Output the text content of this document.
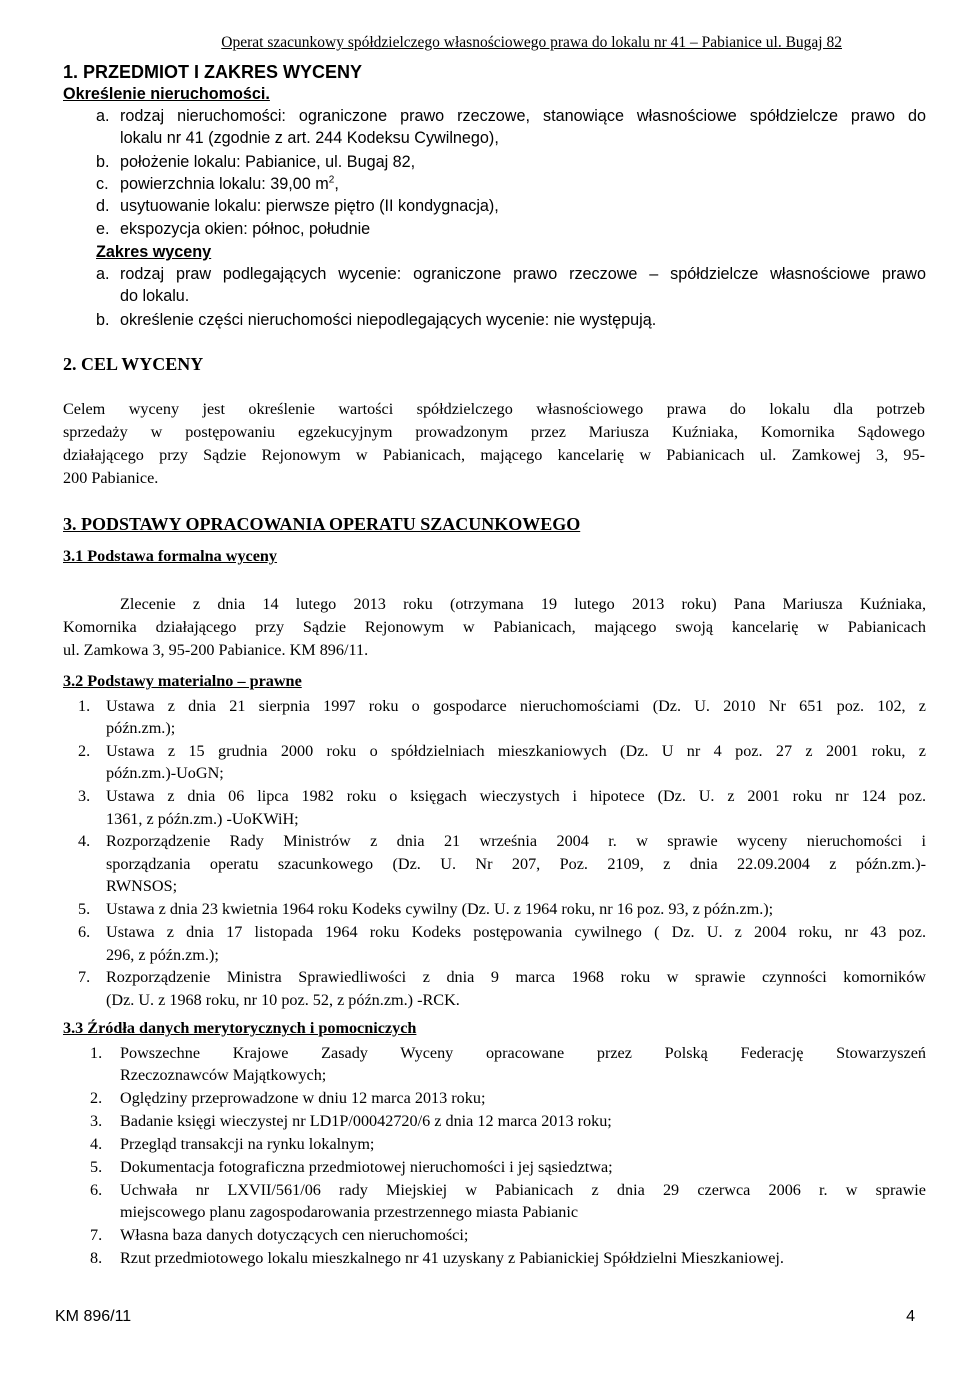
Operat szacunkowy spółdzielczego własnościowego prawa do lokalu nr 41 – Pabianice ul. Bugaj 82
1. PRZEDMIOT I ZAKRES WYCENY
Określenie nieruchomości.
a. rodzaj nieruchomości: ograniczone prawo rzeczowe, stanowiące własnościowe spółdzielcze prawo do
lokalu nr 41 (zgodnie z art. 244 Kodeksu Cywilnego),
b. położenie lokalu: Pabianice, ul. Bugaj 82,
c. powierzchnia lokalu: 39,00 $m^2$,
d. usytuowanie lokalu: pierwsze piętro (II kondygnacja),
e. ekspozycja okien: północ, południe
Zakres wyceny
a. rodzaj praw podlegających wycenie: ograniczone prawo rzeczowe – spółdzielcze własnościowe prawo
do lokalu.
b. określenie części nieruchomości niepodlegających wycenie: nie występują.
2. CEL WYCENY
Celem wyceny jest określenie wartości spółdzielczego własnościowego prawa do lokalu dla potrzeb
sprzedaży w postępowaniu egzekucyjnym prowadzonym przez Mariusza Kuźniaka, Komornika Sądowego
działającego przy Sądzie Rejonowym w Pabianicach, mającego kancelarię w Pabianicach ul. Zamkowej 3, 95-
200 Pabianice.
3. PODSTAWY OPRACOWANIA OPERATU SZACUNKOWEGO
3.1 Podstawa formalna wyceny
Zlecenie z dnia 14 lutego 2013 roku (otrzymana 19 lutego 2013 roku) Pana Mariusza Kuźniaka,
Komornika działającego przy Sądzie Rejonowym w Pabianicach, mającego swoją kancelarię w Pabianicach
ul. Zamkowa 3, 95-200 Pabianice. KM 896/11.
3.2 Podstawy materialno – prawne
1. Ustawa z dnia 21 sierpnia 1997 roku o gospodarce nieruchomościami (Dz. U. 2010 Nr 651 poz. 102, z
późn.zm.);
2. Ustawa z 15 grudnia 2000 roku o spółdzielniach mieszkaniowych (Dz. U nr 4 poz. 27 z 2001 roku, z
późn.zm.)-UoGN;
3. Ustawa z dnia 06 lipca 1982 roku o księgach wieczystych i hipotece (Dz. U. z 2001 roku nr 124 poz.
1361, z późn.zm.) -UoKWiH;
4. Rozporządzenie Rady Ministrów z dnia 21 września 2004 r. w sprawie wyceny nieruchomości i
sporządzania operatu szacunkowego (Dz. U. Nr 207, Poz. 2109, z dnia 22.09.2004 z późn.zm.)-
RWNSOS;
5. Ustawa z dnia 23 kwietnia 1964 roku Kodeks cywilny (Dz. U. z 1964 roku, nr 16 poz. 93, z późn.zm.);
6. Ustawa z dnia 17 listopada 1964 roku Kodeks postępowania cywilnego ( Dz. U. z 2004 roku, nr 43 poz.
296, z późn.zm.);
7. Rozporządzenie Ministra Sprawiedliwości z dnia 9 marca 1968 roku w sprawie czynności komorników
(Dz. U. z 1968 roku, nr 10 poz. 52, z późn.zm.) -RCK.
3.3 Źródła danych merytorycznych i pomocniczych
1. Powszechne Krajowe Zasady Wyceny opracowane przez Polską Federację Stowarzyszeń
Rzeczoznawców Majątkowych;
2. Oględziny przeprowadzone w dniu 12 marca 2013 roku;
3. Badanie księgi wieczystej nr LD1P/00042720/6 z dnia 12 marca 2013 roku;
4. Przegląd transakcji na rynku lokalnym;
5. Dokumentacja fotograficzna przedmiotowej nieruchomości i jej sąsiedztwa;
6. Uchwała nr LXVII/561/06 rady Miejskiej w Pabianicach z dnia 29 czerwca 2006 r. w sprawie
miejscowego planu zagospodarowania przestrzennego miasta Pabianic
7. Własna baza danych dotyczących cen nieruchomości;
8. Rzut przedmiotowego lokalu mieszkalnego nr 41 uzyskany z Pabianickiej Spółdzielni Mieszkaniowej.
KM 896/11	4
